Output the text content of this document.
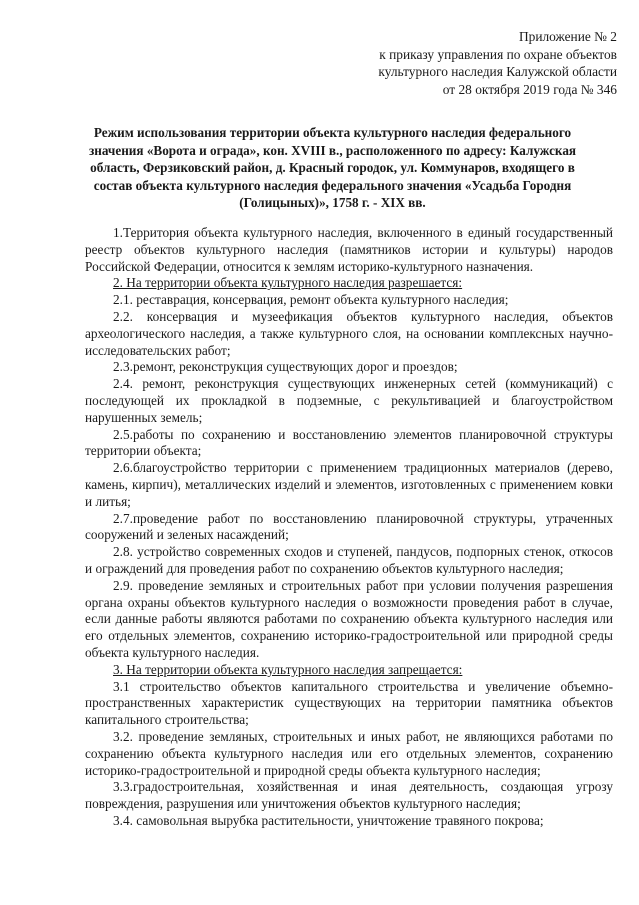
Приложение № 2
к приказу управления по охране объектов
культурного наследия Калужской области
от 28 октября 2019 года № 346
Режим использования территории объекта культурного наследия федерального значения «Ворота и ограда», кон. XVIII в., расположенного по адресу: Калужская область, Ферзиковский район, д. Красный городок, ул. Коммунаров, входящего в состав объекта культурного наследия федерального значения «Усадьба Городня (Голицыных)», 1758 г. - XIX вв.

1.Территория объекта культурного наследия, включенного в единый государственный реестр объектов культурного наследия (памятников истории и культуры) народов Российской Федерации, относится к землям историко-культурного назначения.

2. На территории объекта культурного наследия разрешается:

2.1. реставрация, консервация, ремонт объекта культурного наследия;

2.2. консервация и музеефикация объектов культурного наследия, объектов археологического наследия, а также культурного слоя, на основании комплексных научно-исследовательских работ;

2.3.ремонт, реконструкция существующих дорог и проездов;

2.4. ремонт, реконструкция существующих инженерных сетей (коммуникаций) с последующей их прокладкой в подземные, с рекультивацией и благоустройством нарушенных земель;

2.5.работы по сохранению и восстановлению элементов планировочной структуры территории объекта;

2.6.благоустройство территории с применением традиционных материалов (дерево, камень, кирпич), металлических изделий и элементов, изготовленных с применением ковки и литья;

2.7.проведение работ по восстановлению планировочной структуры, утраченных сооружений и зеленых насаждений;

2.8. устройство современных сходов и ступеней, пандусов, подпорных стенок, откосов и ограждений для проведения работ по сохранению объектов культурного наследия;

2.9. проведение земляных и строительных работ при условии получения разрешения органа охраны объектов культурного наследия о возможности проведения работ в случае, если данные работы являются работами по сохранению объекта культурного наследия или его отдельных элементов, сохранению историко-градостроительной или природной среды объекта культурного наследия.

3. На территории объекта культурного наследия запрещается:

3.1 строительство объектов капитального строительства и увеличение объемно-пространственных характеристик существующих на территории памятника объектов капитального строительства;

3.2. проведение земляных, строительных и иных работ, не являющихся работами по сохранению объекта культурного наследия или его отдельных элементов, сохранению историко-градостроительной и природной среды объекта культурного наследия;

3.3.градостроительная, хозяйственная и иная деятельность, создающая угрозу повреждения, разрушения или уничтожения объектов культурного наследия;

3.4. самовольная вырубка растительности, уничтожение травяного покрова;
